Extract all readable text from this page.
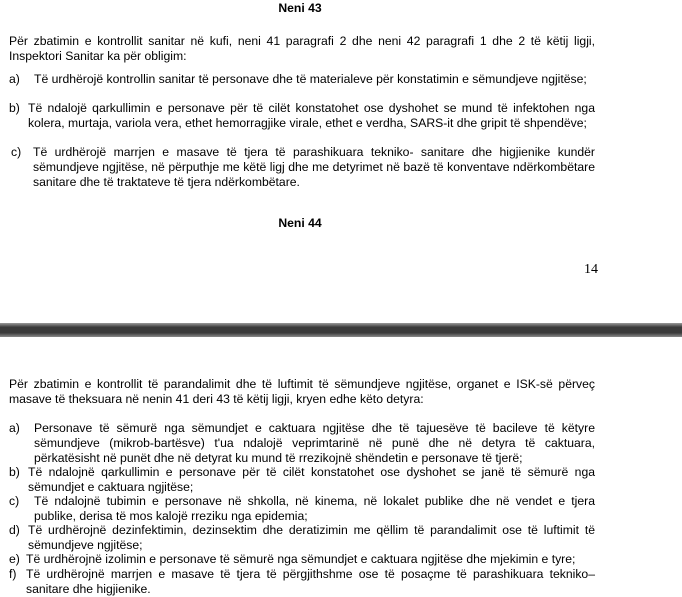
Neni 43
Për zbatimin e kontrollit sanitar në kufi, neni 41 paragrafi 2 dhe neni 42 paragrafi 1 dhe 2 të këtij ligji, Inspektori Sanitar ka për obligim:
a)	Të urdhërojë kontrollin sanitar të personave dhe të materialeve për konstatimin e sëmundjeve ngjitëse;
b) Të ndalojë qarkullimin e personave për të cilët konstatohet ose dyshohet se mund të infektohen nga kolera, murtaja, variola vera, ethet hemorragjike virale, ethet e verdha, SARS-it dhe gripit të shpendëve;
c) Të urdhërojë marrjen e masave të tjera të parashikuara tekniko- sanitare dhe higjienike kundër sëmundjeve ngjitëse, në përputhje me këtë ligj dhe me detyrimet në bazë të konventave ndërkombëtare sanitare dhe të traktateve të tjera ndërkombëtare.
Neni 44
14
Për zbatimin e kontrollit të parandalimit dhe të luftimit të sëmundjeve ngjitëse, organet e ISK-së përveç masave të theksuara në nenin 41 deri 43 të këtij ligji, kryen edhe këto detyra:
a)	Personave të sëmurë nga sëmundjet e caktuara ngjitëse dhe të tajuesëve të bacileve të këtyre sëmundjeve (mikrob-bartësve) t'ua ndalojë veprimtarinë në punë dhe në detyra të caktuara, përkatësisht në punët dhe në detyrat ku mund të rrezikojnë shëndetin e personave të tjerë;
b) Të ndalojnë qarkullimin e personave për të cilët konstatohet ose dyshohet se janë të sëmurë nga sëmundjet e caktuara ngjitëse;
c)	Të ndalojnë tubimin e personave në shkolla, në kinema, në lokalet publike dhe në vendet e tjera publike, derisa të mos kalojë rreziku nga epidemia;
d) Të urdhërojnë dezinfektimin, dezinsektim dhe deratizimin me qëllim të parandalimit ose të luftimit të sëmundjeve ngjitëse;
e) Të urdhërojnë izolimin e personave të sëmurë nga sëmundjet e caktuara ngjitëse dhe mjekimin e tyre;
f) Të urdhërojnë marrjen e masave të tjera të përgjithshme ose të posaçme të parashikuara tekniko–sanitare dhe higjienike.
